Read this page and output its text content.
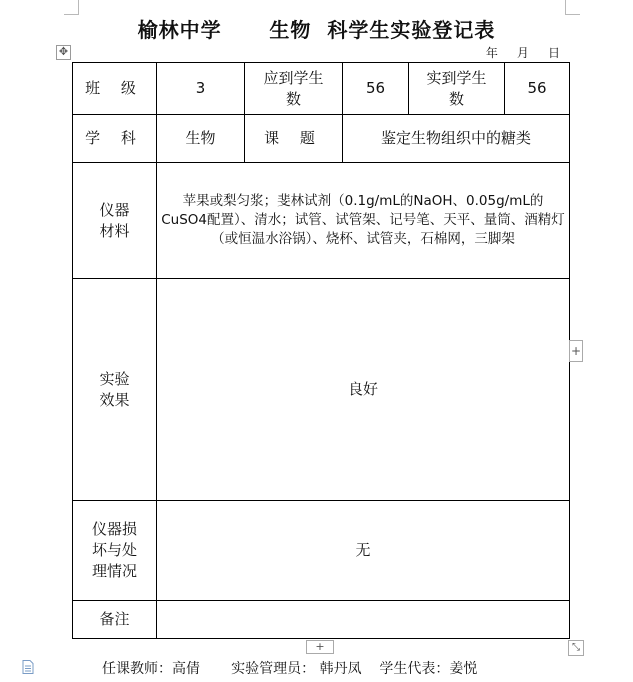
榆林中学      生物  科学生实验登记表
年     月     日
✥
班 级	3	应到学生数	56	实到学生数	56
学 科	生物	课 题	鉴定生物组织中的糖类		
仪器材料	苹果或梨匀浆；斐林试剂（0.1g/mL的NaOH、0.05g/mL的CuSO4配置）、清水；试管、试管架、记号笔、天平、量筒、酒精灯（或恒温水浴锅）、烧杯、试管夹，石棉网，三脚架				
实验效果	良好				
仪器损坏与处理情况	无				
备注					
+
+	⤡
任课教师：高倩 实验管理员： 韩丹凤 学生代表：姜悦
